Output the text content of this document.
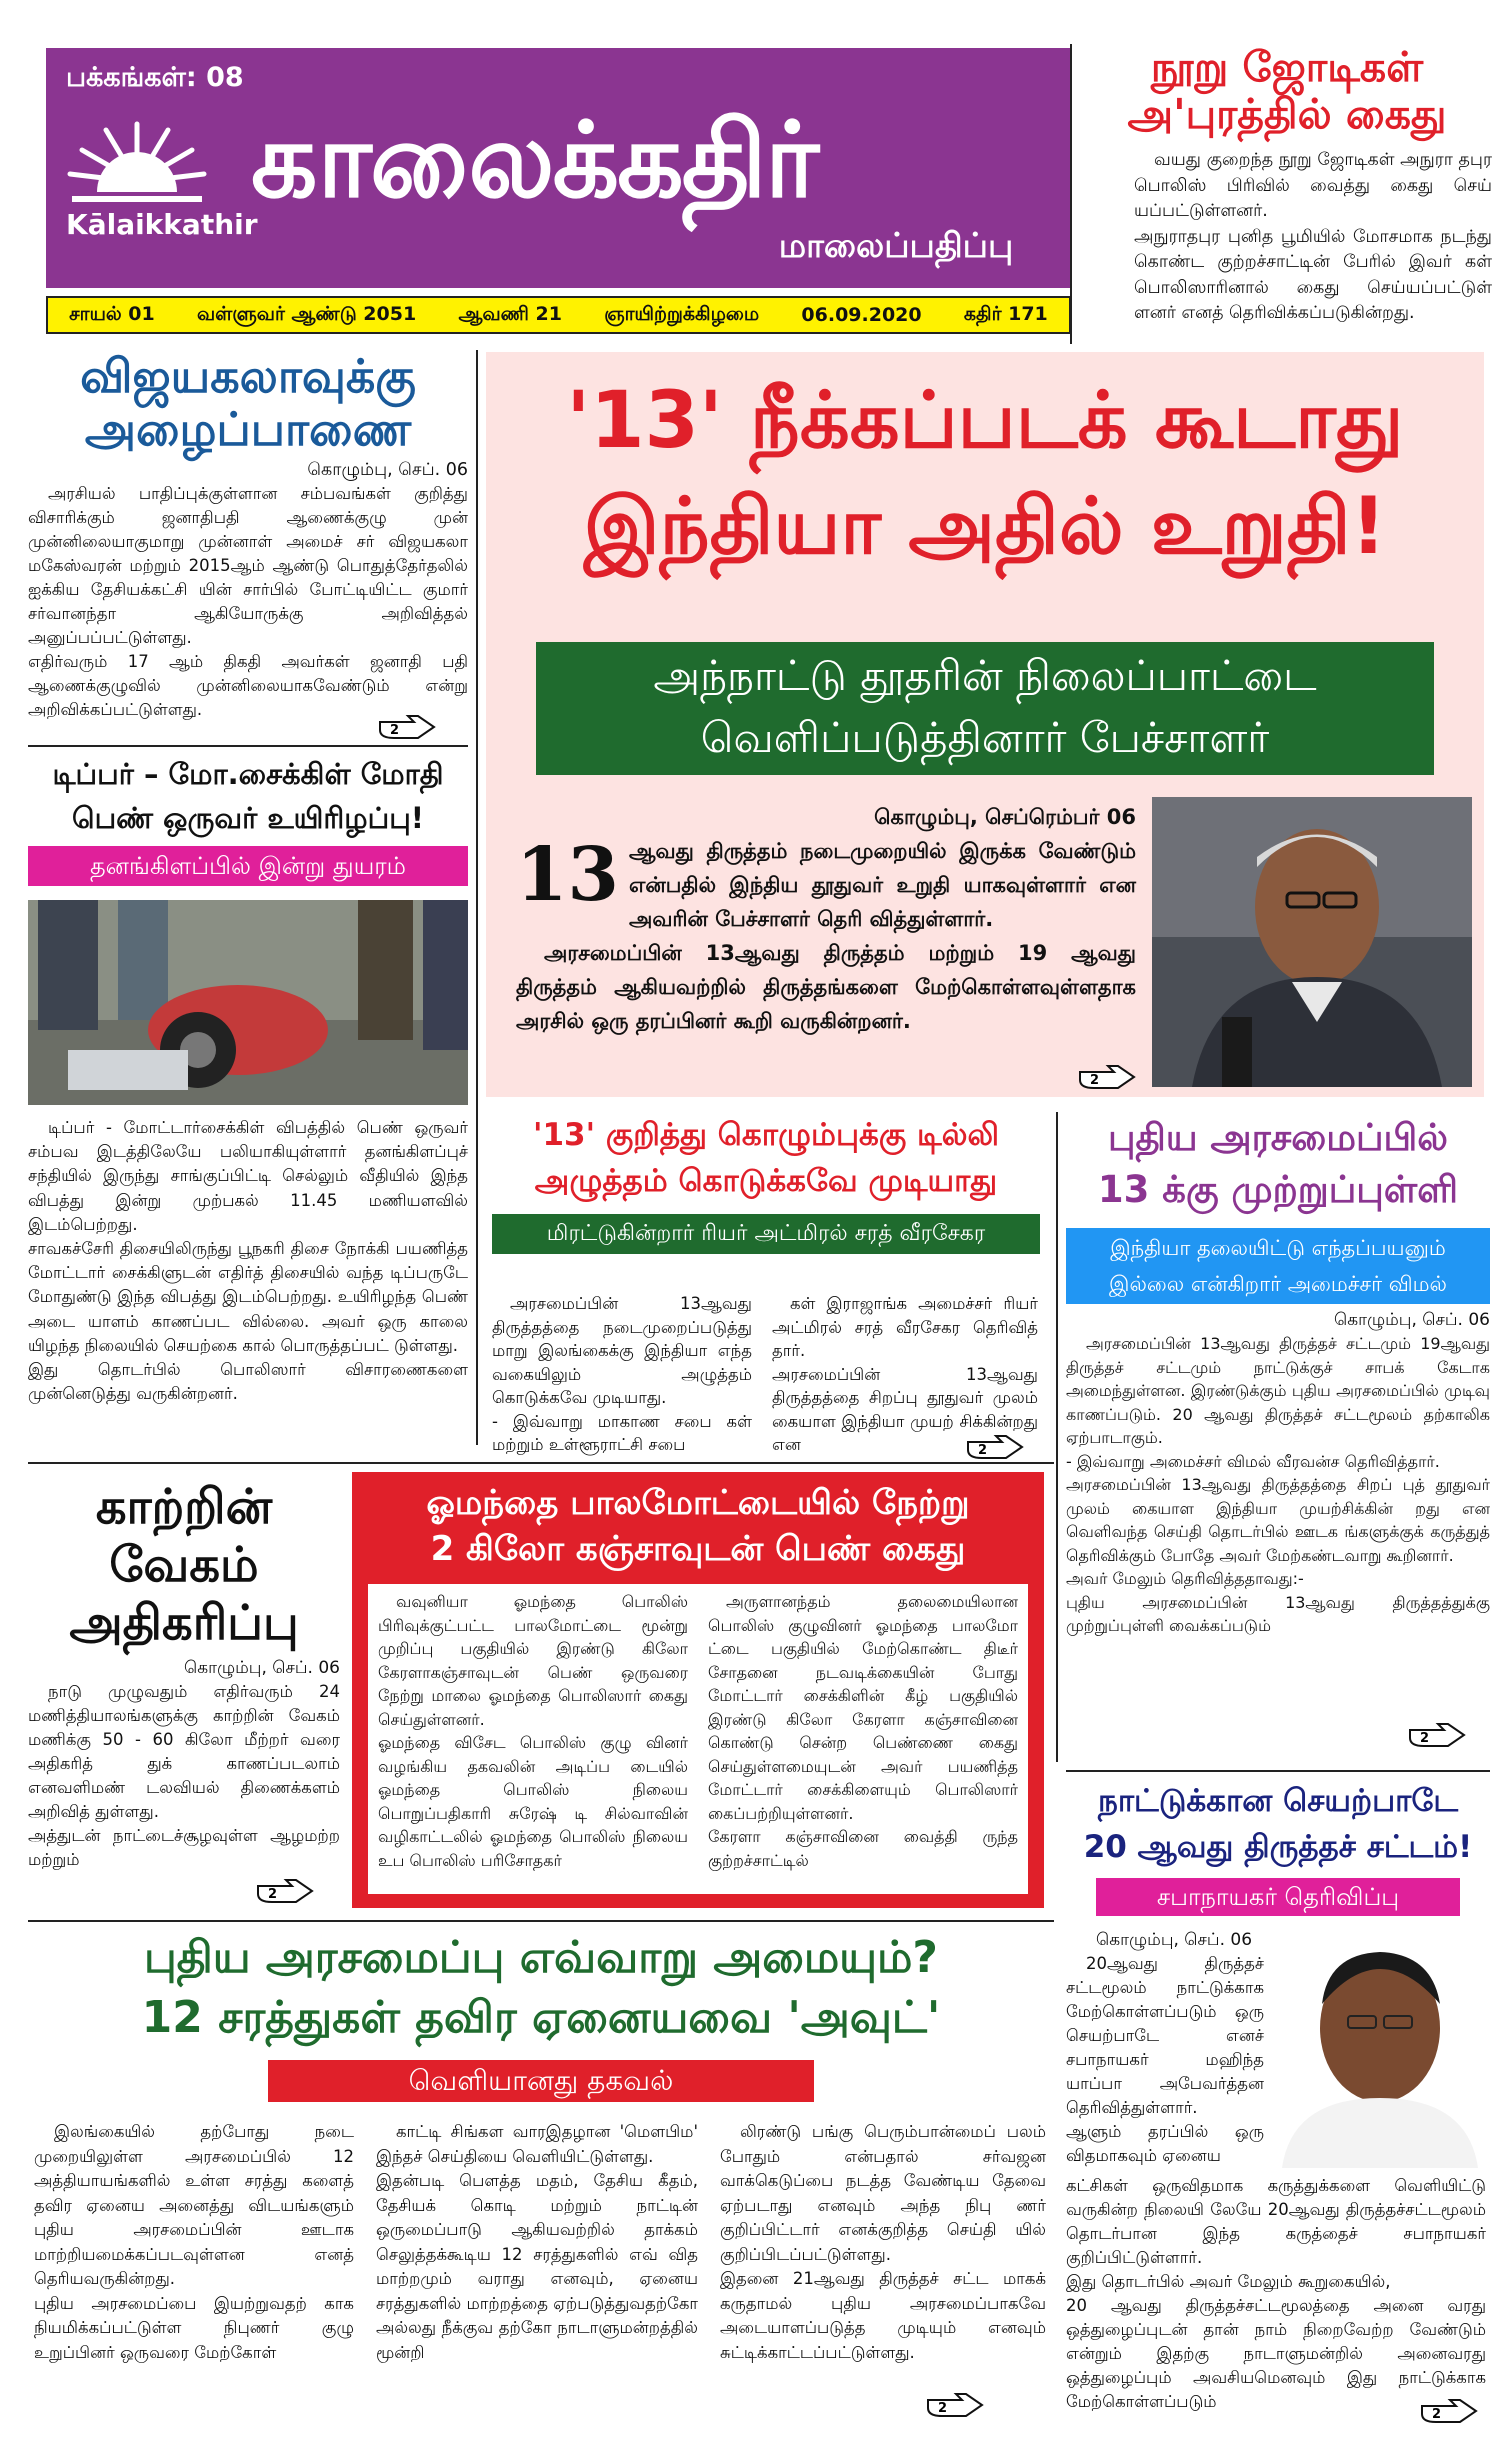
பக்கங்கள்: 08
Kālaikkathir
காலைக்கதிர்
மாலைப்பதிப்பு
சாயல் 01 வள்ளுவர் ஆண்டு 2051 ஆவணி 21 ஞாயிற்றுக்கிழமை 06.09.2020 கதிர் 171
நூறு ஜோடிகள்
அ'புரத்தில் கைது
வயது குறைந்த நூறு ஜோடிகள் அநுரா தபுர பொலிஸ் பிரிவில் வைத்து கைது செய் யப்பட்டுள்ளனர்.
அநுராதபுர புனித பூமியில் மோசமாக நடந்து கொண்ட குற்றச்சாட்டின் பேரில் இவர் கள் பொலிஸாரினால் கைது செய்யப்பட்டுள் ளனர் எனத் தெரிவிக்கப்படுகின்றது.
விஜயகலாவுக்கு
அழைப்பாணை
கொழும்பு, செப். 06
அரசியல் பாதிப்புக்குள்ளான சம்பவங்கள் குறித்து விசாரிக்கும் ஜனாதிபதி ஆணைக்குழு முன் முன்னிலையாகுமாறு முன்னாள் அமைச் சர் விஜயகலா மகேஸ்வரன் மற்றும் 2015ஆம் ஆண்டு பொதுத்தேர்தலில் ஐக்கிய தேசியக்கட்சி யின் சார்பில் போட்டியிட்ட குமார் சர்வானந்தா ஆகியோருக்கு அறிவித்தல் அனுப்பப்பட்டுள்ளது.
எதிர்வரும் 17 ஆம் திகதி அவர்கள் ஜனாதி பதி ஆணைக்குழுவில் முன்னிலையாகவேண்டும் என்று அறிவிக்கப்பட்டுள்ளது.
2
டிப்பர் – மோ.சைக்கிள் மோதி
பெண் ஒருவர் உயிரிழப்பு!
தனங்கிளப்பில் இன்று துயரம்
டிப்பர் - மோட்டார்சைக்கிள் விபத்தில் பெண் ஒருவர் சம்பவ இடத்திலேயே பலியாகியுள்ளார் தனங்கிளப்புச் சந்தியில் இருந்து சாங்குப்பிட்டி செல்லும் வீதியில் இந்த விபத்து இன்று முற்பகல் 11.45 மணியளவில் இடம்பெற்றது.
சாவகச்சேரி திசையிலிருந்து பூநகரி திசை நோக்கி பயணித்த மோட்டார் சைக்கிளுடன் எதிர்த் திசையில் வந்த டிப்பருடே மோதுண்டு இந்த விபத்து இடம்பெற்றது. உயிரிழந்த பெண் அடை யாளம் காணப்பட வில்லை. அவர் ஒரு காலை யிழந்த நிலையில் செயற்கை கால் பொருத்தப்பட் டுள்ளது.
இது தொடர்பில் பொலிஸார் விசாரணைகளை முன்னெடுத்து வருகின்றனர்.
'13' நீக்கப்படக் கூடாது
இந்தியா அதில் உறுதி!
அந்நாட்டு தூதரின் நிலைப்பாட்டை
வெளிப்படுத்தினார் பேச்சாளர்
கொழும்பு, செப்ரெம்பர் 06
13 ஆவது திருத்தம் நடைமுறையில் இருக்க வேண்டும் என்பதில் இந்திய தூதுவர் உறுதி யாகவுள்ளார் என அவரின் பேச்சாளர் தெரி வித்துள்ளார்.
அரசமைப்பின் 13ஆவது திருத்தம் மற்றும் 19 ஆவது திருத்தம் ஆகியவற்றில் திருத்தங்களை மேற்கொள்ளவுள்ளதாக அரசில் ஒரு தரப்பினர் கூறி வருகின்றனர்.
2
'13' குறித்து கொழும்புக்கு டில்லி
அழுத்தம் கொடுக்கவே முடியாது
மிரட்டுகின்றார் ரியர் அட்மிரல் சரத் வீரசேகர
அரசமைப்பின் 13ஆவது திருத்தத்தை நடைமுறைப்படுத்து மாறு இலங்கைக்கு இந்தியா எந்த வகையிலும் அழுத்தம் கொடுக்கவே முடியாது.
- இவ்வாறு மாகாண சபை கள் மற்றும் உள்ளூராட்சி சபை
கள் இராஜாங்க அமைச்சர் ரியர் அட்மிரல் சரத் வீரசேகர தெரிவித் தார்.
அரசமைப்பின் 13ஆவது திருத்தத்தை சிறப்பு தூதுவர் முலம் கையாள இந்தியா முயற் சிக்கின்றது என	2
புதிய அரசமைப்பில்
13 க்கு முற்றுப்புள்ளி
இந்தியா தலையிட்டு எந்தப்பயனும்
இல்லை என்கிறார் அமைச்சர் விமல்
கொழும்பு, செப். 06
அரசமைப்பின் 13ஆவது திருத்தச் சட்டமும் 19ஆவது திருத்தச் சட்டமும் நாட்டுக்குச் சாபக் கேடாக அமைந்துள்ளன. இரண்டுக்கும் புதிய அரசமைப்பில் முடிவு காணப்படும். 20 ஆவது திருத்தச் சட்டமூலம் தற்காலிக ஏற்பாடாகும்.
- இவ்வாறு அமைச்சர் விமல் வீரவன்ச தெரிவித்தார்.
அரசமைப்பின் 13ஆவது திருத்தத்தை சிறப் புத் தூதுவர் முலம் கையாள இந்தியா முயற்சிக்கின் றது என வெளிவந்த செய்தி தொடர்பில் ஊடக ங்களுக்குக் கருத்துத் தெரிவிக்கும் போதே அவர் மேற்கண்டவாறு கூறினார்.
அவர் மேலும் தெரிவித்ததாவது:-
புதிய அரசமைப்பின் 13ஆவது திருத்தத்துக்கு முற்றுப்புள்ளி வைக்கப்படும்
2
காற்றின்
வேகம்
அதிகரிப்பு
கொழும்பு, செப். 06
நாடு முழுவதும் எதிர்வரும் 24 மணித்தியாலங்களுக்கு காற்றின் வேகம் மணிக்கு 50 - 60 கிலோ மீற்றர் வரை அதிகரித் துக் காணப்படலாம் எனவளிமண் டலவியல் திணைக்களம் அறிவித் துள்ளது.
அத்துடன் நாட்டைச்சூழவுள்ள ஆழமற்ற மற்றும்
2
ஓமந்தை பாலமோட்டையில் நேற்று
2 கிலோ கஞ்சாவுடன் பெண் கைது
வவுனியா ஓமந்தை பொலிஸ் பிரிவுக்குட்பட்ட பாலமோட்டை மூன்று முறிப்பு பகுதியில் இரண்டு கிலோ கேரளாகஞ்சாவுடன் பெண் ஒருவரை நேற்று மாலை ஓமந்தை பொலிஸார் கைது செய்துள்ளனர்.
ஓமந்தை விசேட பொலிஸ் குழு வினர் வழங்கிய தகவலின் அடிப்ப டையில் ஓமந்தை பொலிஸ் நிலைய பொறுப்பதிகாரி சுரேஷ் டி சில்வாவின் வழிகாட்டலில் ஓமந்தை பொலிஸ் நிலைய உப பொலிஸ் பரிசோதகர்
அருளானந்தம் தலைமையிலான பொலிஸ் குழுவினர் ஓமந்தை பாலமோ ட்டை பகுதியில் மேற்கொண்ட திடீர் சோதனை நடவடிக்கையின் போது மோட்டார் சைக்கிளின் கீழ் பகுதியில் இரண்டு கிலோ கேரளா கஞ்சாவினை கொண்டு சென்ற பெண்ணை கைது செய்துள்ளமையுடன் அவர் பயணித்த மோட்டார் சைக்கிளையும் பொலிஸார் கைப்பற்றியுள்ளனர்.
கேரளா கஞ்சாவினை வைத்தி ருந்த குற்றச்சாட்டில்
நாட்டுக்கான செயற்பாடே
20 ஆவது திருத்தச் சட்டம்!
சபாநாயகர் தெரிவிப்பு
கொழும்பு, செப். 06
20ஆவது திருத்தச் சட்டமூலம் நாட்டுக்காக மேற்கொள்ளப்படும் ஒரு செயற்பாடே எனச் சபாநாயகர் மஹிந்த யாப்பா அபேவர்த்தன தெரிவித்துள்ளார்.
ஆளும் தரப்பில் ஒரு விதமாகவும் ஏனைய
கட்சிகள் ஒருவிதமாக கருத்துக்களை வெளியிட்டு வருகின்ற நிலையி லேயே 20ஆவது திருத்தச்சட்டமூலம் தொடர்பான இந்த கருத்தைச் சபாநாயகர் குறிப்பிட்டுள்ளார்.
இது தொடர்பில் அவர் மேலும் கூறுகையில்,
20 ஆவது திருத்தச்சட்டமூலத்தை அனை வரது ஒத்துழைப்புடன் தான் நாம் நிறைவேற்ற வேண்டும் என்றும் இதற்கு நாடாளுமன்றில் அனைவரது ஒத்துழைப்பும் அவசியமெனவும் இது நாட்டுக்காக மேற்கொள்ளப்படும்
2
புதிய அரசமைப்பு எவ்வாறு அமையும்?
12 சரத்துகள் தவிர ஏனையவை 'அவுட்'
வெளியானது தகவல்
இலங்கையில் தற்போது நடை முறையிலுள்ள அரசமைப்பில் 12 அத்தியாயங்களில் உள்ள சரத்து களைத் தவிர ஏனைய அனைத்து விடயங்களும் புதிய அரசமைப்பின் ஊடாக மாற்றியமைக்கப்படவுள்ளன எனத் தெரியவருகின்றது.
புதிய அரசமைப்பை இயற்றுவதற் காக நியமிக்கப்பட்டுள்ள நிபுணர் குழு உறுப்பினர் ஒருவரை மேற்கோள்
காட்டி சிங்கள வாரஇதழான 'மௌபிம' இந்தச் செய்தியை வெளியிட்டுள்ளது.
இதன்படி பௌத்த மதம், தேசிய கீதம், தேசியக் கொடி மற்றும் நாட்டின் ஒருமைப்பாடு ஆகியவற்றில் தாக்கம் செலுத்தக்கூடிய 12 சரத்துகளில் எவ் வித மாற்றமும் வராது எனவும், ஏனைய சரத்துகளில் மாற்றத்தை ஏற்படுத்துவதற்கோ அல்லது நீக்குவ தற்கோ நாடாளுமன்றத்தில் மூன்றி
லிரண்டு பங்கு பெரும்பான்மைப் பலம் போதும் என்பதால் சர்வஜன வாக்கெடுப்பை நடத்த வேண்டிய தேவை ஏற்படாது எனவும் அந்த நிபு ணர் குறிப்பிட்டார் எனக்குறித்த செய்தி யில் குறிப்பிடப்பட்டுள்ளது.
இதனை 21ஆவது திருத்தச் சட்ட மாகக் கருதாமல் புதிய அரசமைப்பாகவே அடையாளப்படுத்த முடியும் எனவும் சுட்டிக்காட்டப்பட்டுள்ளது.
2
